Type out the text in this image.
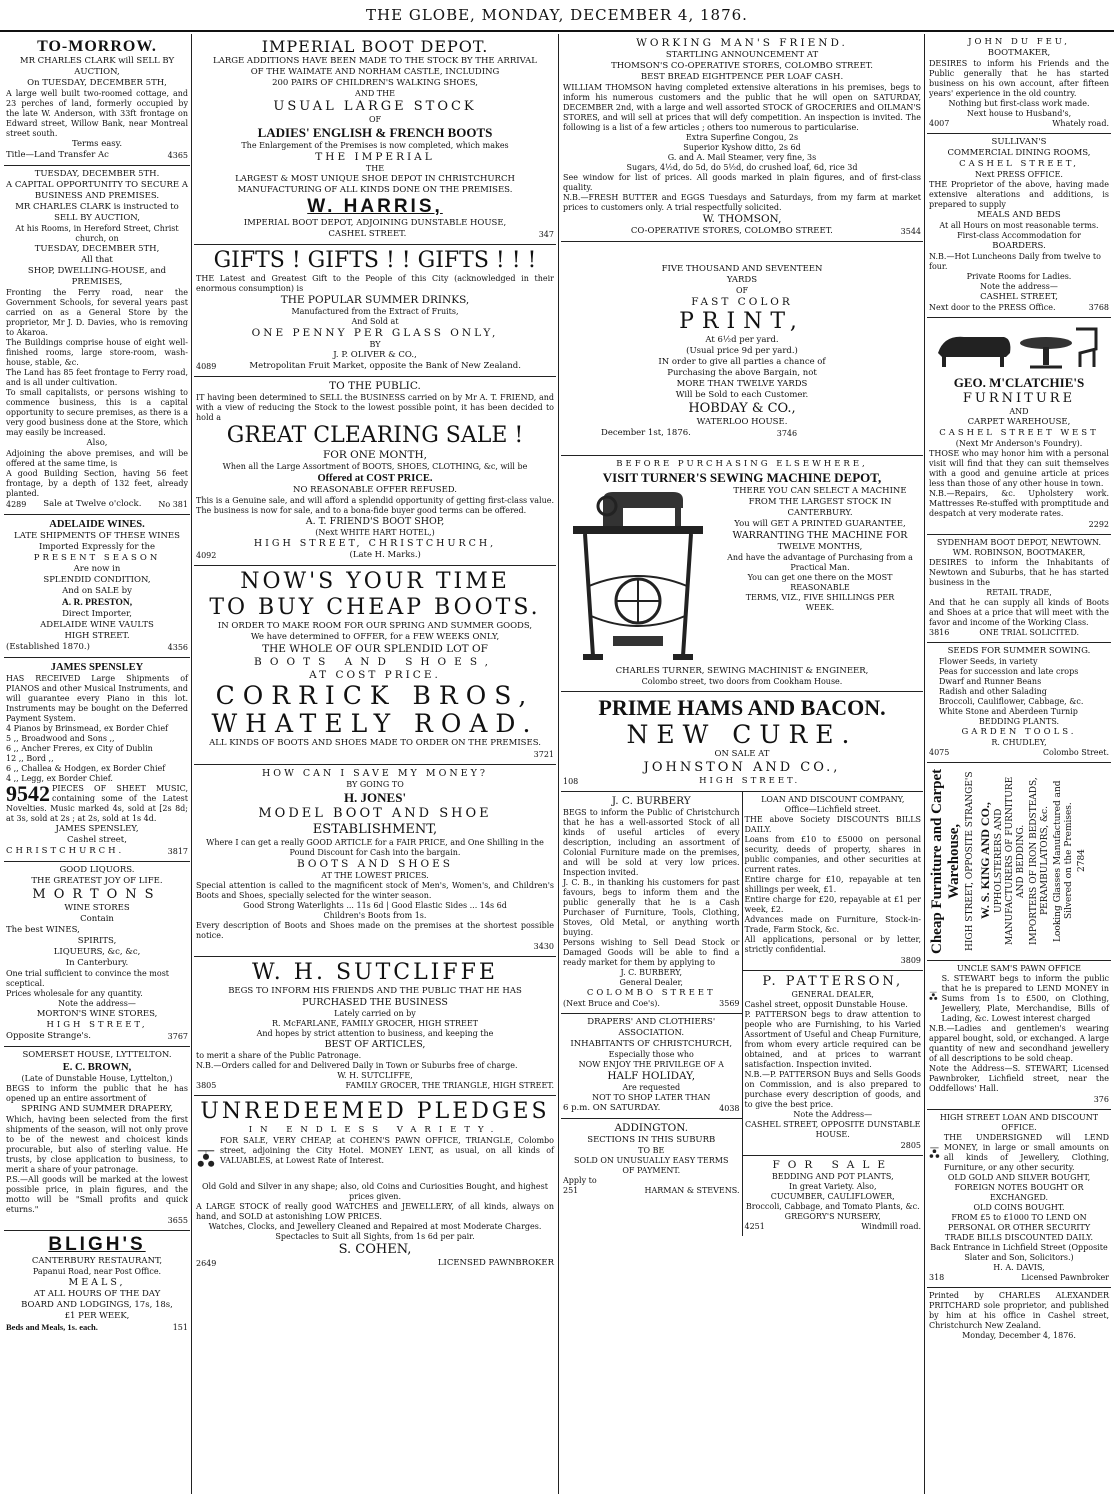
THE GLOBE, MONDAY, DECEMBER 4, 1876.
TO-MORROW.
MR CHARLES CLARK will SELL BY AUCTION,
On TUESDAY, DECEMBER 5TH,
A large well built two-roomed cottage, and 23 perches of land, formerly occupied by the late W. Anderson, with 33ft frontage on Edward street, Willow Bank, near Montreal street south.
Terms easy.
Title—Land Transfer Ac	4365
TUESDAY, DECEMBER 5TH.
A CAPITAL OPPORTUNITY TO SECURE A BUSINESS AND PREMISES.
MR CHARLES CLARK is instructed to SELL BY AUCTION,
At his Rooms, in Hereford Street, Christ church, on
TUESDAY, DECEMBER 5TH,
All that
SHOP, DWELLING-HOUSE, and PREMISES,
Fronting the Ferry road, near the Government Schools, for several years past carried on as a General Store by the proprietor, Mr J. D. Davies, who is removing to Akaroa.
The Buildings comprise house of eight well-finished rooms, large store-room, wash-house, stable, &c.
The Land has 85 feet frontage to Ferry road, and is all under cultivation.
To small capitalists, or persons wishing to commence business, this is a capital opportunity to secure premises, as there is a very good business done at the Store, which may easily be increased.
Also,
Adjoining the above premises, and will be offered at the same time, is
A good Building Section, having 56 feet frontage, by a depth of 132 feet, already planted.
4289 Sale at Twelve o'clock. No 381
ADELAIDE WINES.
LATE SHIPMENTS OF THESE WINES
Imported Expressly for the
PRESENT SEASON
Are now in
SPLENDID CONDITION,
And on SALE by
A. R. PRESTON,
Direct Importer,
ADELAIDE WINE VAULTS
HIGH STREET.
(Established 1870.)	4356
JAMES SPENSLEY
HAS RECEIVED Large Shipments of PIANOS and other Musical Instruments, and will guarantee every Piano in this lot. Instruments may be bought on the Deferred Payment System.
4 Pianos by Brinsmead, ex Border Chief
5 ,, Broadwood and Sons ,,
6 ,, Ancher Freres, ex City of Dublin
12 ,, Bord ,,
6 ,, Challea & Hodgen, ex Border Chief
4 ,, Legg, ex Border Chief.
9542 PIECES OF SHEET MUSIC, containing some of the Latest Novelties. Music marked 4s, sold at [2s 8d; at 3s, sold at 2s ; at 2s, sold at 1s 4d.
JAMES SPENSLEY,
Cashel street,
CHRISTCHURCH.	3817
GOOD LIQUORS.
THE GREATEST JOY OF LIFE.
MORTONS
WINE STORES
Contain
The best WINES,
SPIRITS,
LIQUEURS, &c, &c,
In Canterbury.
One trial sufficient to convince the most sceptical.
Prices wholesale for any quantity.
Note the address—
MORTON'S WINE STORES,
HIGH STREET,
Opposite Strange's.	3767
SOMERSET HOUSE, LYTTELTON.
E. C. BROWN,
(Late of Dunstable House, Lyttelton,)
BEGS to inform the public that he has opened up an entire assortment of
SPRING AND SUMMER DRAPERY,
Which, having been selected from the first shipments of the season, will not only prove to be of the newest and choicest kinds procurable, but also of sterling value. He trusts, by close application to business, to merit a share of your patronage.
P.S.—All goods will be marked at the lowest possible price, in plain figures, and the motto will be "Small profits and quick eturns."
3655
BLIGH'S
CANTERBURY RESTAURANT,
Papanui Road, near Post Office.
MEALS,
AT ALL HOURS OF THE DAY
BOARD AND LODGINGS, 17s, 18s,
£1 PER WEEK,
Beds and Meals, 1s. each.	151
IMPERIAL BOOT DEPOT.
LARGE ADDITIONS HAVE BEEN MADE TO THE STOCK BY THE ARRIVAL
OF THE WAIMATE AND NORHAM CASTLE, INCLUDING
200 PAIRS OF CHILDREN'S WALKING SHOES,
AND THE
USUAL LARGE STOCK
OF
LADIES' ENGLISH & FRENCH BOOTS
The Enlargement of the Premises is now completed, which makes
THE IMPERIAL
THE
LARGEST & MOST UNIQUE SHOE DEPOT IN CHRISTCHURCH
MANUFACTURING OF ALL KINDS DONE ON THE PREMISES.
W. HARRIS,
IMPERIAL BOOT DEPOT, ADJOINING DUNSTABLE HOUSE,
CASHEL STREET.	347
GIFTS ! GIFTS ! ! GIFTS ! ! !
THE Latest and Greatest Gift to the People of this City (acknowledged in their enormous consumption) is
THE POPULAR SUMMER DRINKS,
Manufactured from the Extract of Fruits,
And Sold at
ONE PENNY PER GLASS ONLY,
BY
J. P. OLIVER & CO.,
4089	Metropolitan Fruit Market, opposite the Bank of New Zealand.
TO THE PUBLIC.
IT having been determined to SELL the BUSINESS carried on by Mr A. T. FRIEND, and with a view of reducing the Stock to the lowest possible point, it has been decided to hold a
GREAT CLEARING SALE !
FOR ONE MONTH,
When all the Large Assortment of BOOTS, SHOES, CLOTHING, &c, will be
Offered at COST PRICE.
NO REASONABLE OFFER REFUSED.
This is a Genuine sale, and will afford a splendid opportunity of getting first-class value. The business is now for sale, and to a bona-fide buyer good terms can be offered.
A. T. FRIEND'S BOOT SHOP,
(Next WHITE HART HOTEL,)
HIGH STREET, CHRISTCHURCH,
4092	(Late H. Marks.)
NOW'S YOUR TIME
TO BUY CHEAP BOOTS.
IN ORDER TO MAKE ROOM FOR OUR SPRING AND SUMMER GOODS,
We have determined to OFFER, for a FEW WEEKS ONLY,
THE WHOLE OF OUR SPLENDID LOT OF
BOOTS AND SHOES,
AT COST PRICE.
CORRICK BROS,
WHATELY ROAD.
ALL KINDS OF BOOTS AND SHOES MADE TO ORDER ON THE PREMISES.
3721
HOW CAN I SAVE MY MONEY?
BY GOING TO
H. JONES'
MODEL BOOT AND SHOE
ESTABLISHMENT,
Where I can get a really GOOD ARTICLE for a FAIR PRICE, and One Shilling in the Pound Discount for Cash into the bargain.
BOOTS AND SHOES
AT THE LOWEST PRICES.
Special attention is called to the magnificent stock of Men's, Women's, and Children's Boots and Shoes, specially selected for the winter season.
Good Strong Waterlights ... 11s 6d | Good Elastic Sides ... 14s 6d
Children's Boots from 1s.
Every description of Boots and Shoes made on the premises at the shortest possible notice.
3430
W. H. SUTCLIFFE
BEGS TO INFORM HIS FRIENDS AND THE PUBLIC THAT HE HAS
PURCHASED THE BUSINESS
Lately carried on by
R. McFARLANE, FAMILY GROCER, HIGH STREET
And hopes by strict attention to business, and keeping the
BEST OF ARTICLES,
to merit a share of the Public Patronage.
N.B.—Orders called for and Delivered Daily in Town or Suburbs free of charge.
W. H. SUTCLIFFE,
3805	FAMILY GROCER, THE TRIANGLE, HIGH STREET.
UNREDEEMED PLEDGES
IN ENDLESS VARIETY.
FOR SALE, VERY CHEAP, at COHEN'S PAWN OFFICE, TRIANGLE, Colombo street, adjoining the City Hotel. MONEY LENT, as usual, on all kinds of VALUABLES, at Lowest Rate of Interest.
Old Gold and Silver in any shape; also, old Coins and Curiosities Bought, and highest prices given.
A LARGE STOCK of really good WATCHES and JEWELLERY, of all kinds, always on hand, and SOLD at astonishing LOW PRICES.
Watches, Clocks, and Jewellery Cleaned and Repaired at most Moderate Charges. Spectacles to Suit all Sights, from 1s 6d per pair.
S. COHEN,
2649	LICENSED PAWNBROKER
WORKING MAN'S FRIEND.
STARTLING ANNOUNCEMENT AT
THOMSON'S CO-OPERATIVE STORES, COLOMBO STREET.
BEST BREAD EIGHTPENCE PER LOAF CASH.
WILLIAM THOMSON having completed extensive alterations in his premises, begs to inform his numerous customers and the public that he will open on SATURDAY, DECEMBER 2nd, with a large and well assorted STOCK of GROCERIES and OILMAN'S STORES, and will sell at prices that will defy competition. An inspection is invited. The following is a list of a few articles ; others too numerous to particularise.
Extra Superfine Congou, 2s
Superior Kyshow ditto, 2s 6d
G. and A. Mail Steamer, very fine, 3s
Sugars, 4½d, do 5d, do 5½d, do crushed loaf, 6d, rice 3d
See window for list of prices. All goods marked in plain figures, and of first-class quality.
N.B.—FRESH BUTTER and EGGS Tuesdays and Saturdays, from my farm at market prices to customers only. A trial respectfully solicited.
W. THOMSON,
CO-OPERATIVE STORES, COLOMBO STREET.	3544
FIVE THOUSAND AND SEVENTEEN
YARDS
OF
FAST COLOR
PRINT,
At 6½d per yard.
(Usual price 9d per yard.)
IN order to give all parties a chance of
Purchasing the above Bargain, not
MORE THAN TWELVE YARDS
Will be Sold to each Customer.
HOBDAY & CO.,
WATERLOO HOUSE.
December 1st, 1876.	3746
BEFORE PURCHASING ELSEWHERE,
VISIT TURNER'S SEWING MACHINE DEPOT,
THERE YOU CAN SELECT A MACHINE
FROM THE LARGEST STOCK IN
CANTERBURY.
You will GET A PRINTED GUARANTEE,
WARRANTING THE MACHINE FOR
TWELVE MONTHS,
And have the advantage of Purchasing from a Practical Man.
You can get one there on the MOST REASONABLE
TERMS, VIZ., FIVE SHILLINGS PER
WEEK.
CHARLES TURNER, SEWING MACHINIST & ENGINEER,
Colombo street, two doors from Cookham House.
PRIME HAMS AND BACON.
NEW CURE.
ON SALE AT
JOHNSTON AND CO.,
108	HIGH STREET.
J. C. BURBERY
BEGS to inform the Public of Christchurch that he has a well-assorted Stock of all kinds of useful articles of every description, including an assortment of Colonial Furniture made on the premises, and will be sold at very low prices. Inspection invited.
J. C. B., in thanking his customers for past favours, begs to inform them and the public generally that he is a Cash Purchaser of Furniture, Tools, Clothing, Stoves, Old Metal, or anything worth buying.
Persons wishing to Sell Dead Stock or Damaged Goods will be able to find a ready market for them by applying to
J. C. BURBERY,
General Dealer,
COLOMBO STREET
(Next Bruce and Coe's).	3569
DRAPERS' AND CLOTHIERS'
ASSOCIATION.
INHABITANTS OF CHRISTCHURCH,
Especially those who
NOW ENJOY THE PRIVILEGE OF A
HALF HOLIDAY,
Are requested
NOT TO SHOP LATER THAN
6 p.m. ON SATURDAY.	4038
ADDINGTON.
SECTIONS IN THIS SUBURB
TO BE
SOLD ON UNUSUALLY EASY TERMS
OF PAYMENT.
Apply to
251	HARMAN & STEVENS.
LOAN AND DISCOUNT COMPANY,
Office—Lichfield street.
THE above Society DISCOUNTS BILLS DAILY.
Loans from £10 to £5000 on personal security, deeds of property, shares in public companies, and other securities at current rates.
Entire charge for £10, repayable at ten shillings per week, £1.
Entire charge for £20, repayable at £1 per week, £2.
Advances made on Furniture, Stock-in-Trade, Farm Stock, &c.
All applications, personal or by letter, strictly confidential.
3809
P. PATTERSON,
GENERAL DEALER,
Cashel street, opposit Dunstable House.
P. PATTERSON begs to draw attention to people who are Furnishing, to his Varied Assortment of Useful and Cheap Furniture, from whom every article required can be obtained, and at prices to warrant satisfaction. Inspection invited.
N.B.—P. PATTERSON Buys and Sells Goods on Commission, and is also prepared to purchase every description of goods, and to give the best price.
Note the Address—
CASHEL STREET, OPPOSITE DUNSTABLE HOUSE.
2805
FOR SALE
BEDDING AND POT PLANTS,
In great Variety. Also,
CUCUMBER, CAULIFLOWER,
Broccoli, Cabbage, and Tomato Plants, &c.
GREGORY'S NURSERY,
4251	Windmill road.
JOHN DU FEU,
BOOTMAKER,
DESIRES to inform his Friends and the Public generally that he has started business on his own account, after fifteen years' experience in the old country.
Nothing but first-class work made.
Next house to Husband's,
4007	Whately road.
SULLIVAN'S
COMMERCIAL DINING ROOMS,
CASHEL STREET,
Next PRESS OFFICE.
THE Proprietor of the above, having made extensive alterations and additions, is prepared to supply
MEALS AND BEDS
At all Hours on most reasonable terms.
First-class Accommodation for
BOARDERS.
N.B.—Hot Luncheons Daily from twelve to four.
Private Rooms for Ladies.
Note the address—
CASHEL STREET,
Next door to the PRESS Office.	3768
GEO. M'CLATCHIE'S
FURNITURE
AND
CARPET WAREHOUSE,
CASHEL STREET WEST
(Next Mr Anderson's Foundry).
THOSE who may honor him with a personal visit will find that they can suit themselves with a good and genuine article at prices less than those of any other house in town.
N.B.—Repairs, &c. Upholstery work. Mattresses Re-stuffed with promptitude and despatch at very moderate rates.
2292
SYDENHAM BOOT DEPOT, NEWTOWN.
WM. ROBINSON, BOOTMAKER,
DESIRES to inform the Inhabitants of Newtown and Suburbs, that he has started business in the
RETAIL TRADE,
And that he can supply all kinds of Boots and Shoes at a price that will meet with the favor and income of the Working Class.
3816	ONE TRIAL SOLICITED.
SEEDS FOR SUMMER SOWING.
Flower Seeds, in variety
Peas for succession and late crops
Dwarf and Runner Beans
Radish and other Salading
Broccoli, Cauliflower, Cabbage, &c.
White Stone and Aberdeen Turnip
BEDDING PLANTS.
GARDEN TOOLS.
R. CHUDLEY,
4075	Colombo Street.
Cheap Furniture and Carpet Warehouse, HIGH STREET, OPPOSITE STRANGE'S W. S. KING AND CO., UPHOLSTERERS AND MANUFACTURERS OF FURNITURE AND BEDDING. IMPORTERS OF IRON BEDSTEADS, PERAMBULATORS, &c. Looking Glasses Manufactured and Silvered on the Premises. 2784
UNCLE SAM'S PAWN OFFICE
S. STEWART begs to inform the public that he is prepared to LEND MONEY in Sums from 1s to £500, on Clothing, Jewellery, Plate, Merchandise, Bills of Lading, &c. Lowest interest charged
N.B.—Ladies and gentlemen's wearing apparel bought, sold, or exchanged. A large quantity of new and secondhand jewellery of all descriptions to be sold cheap.
Note the Address—S. STEWART, Licensed Pawnbroker, Lichfield street, near the Oddfellows' Hall.
376
HIGH STREET LOAN AND DISCOUNT OFFICE.
THE UNDERSIGNED will LEND MONEY, in large or small amounts on all kinds of Jewellery, Clothing, Furniture, or any other security.
OLD GOLD AND SILVER BOUGHT, FOREIGN NOTES BOUGHT OR EXCHANGED.
OLD COINS BOUGHT.
FROM £5 to £1000 TO LEND ON PERSONAL OR OTHER SECURITY
TRADE BILLS DISCOUNTED DAILY.
Back Entrance in Lichfield Street (Opposite Slater and Son, Solicitors.)
H. A. DAVIS,
318	Licensed Pawnbroker
Printed by CHARLES ALEXANDER PRITCHARD sole proprietor, and published by him at his office in Cashel street, Christchurch New Zealand.
Monday, December 4, 1876.
